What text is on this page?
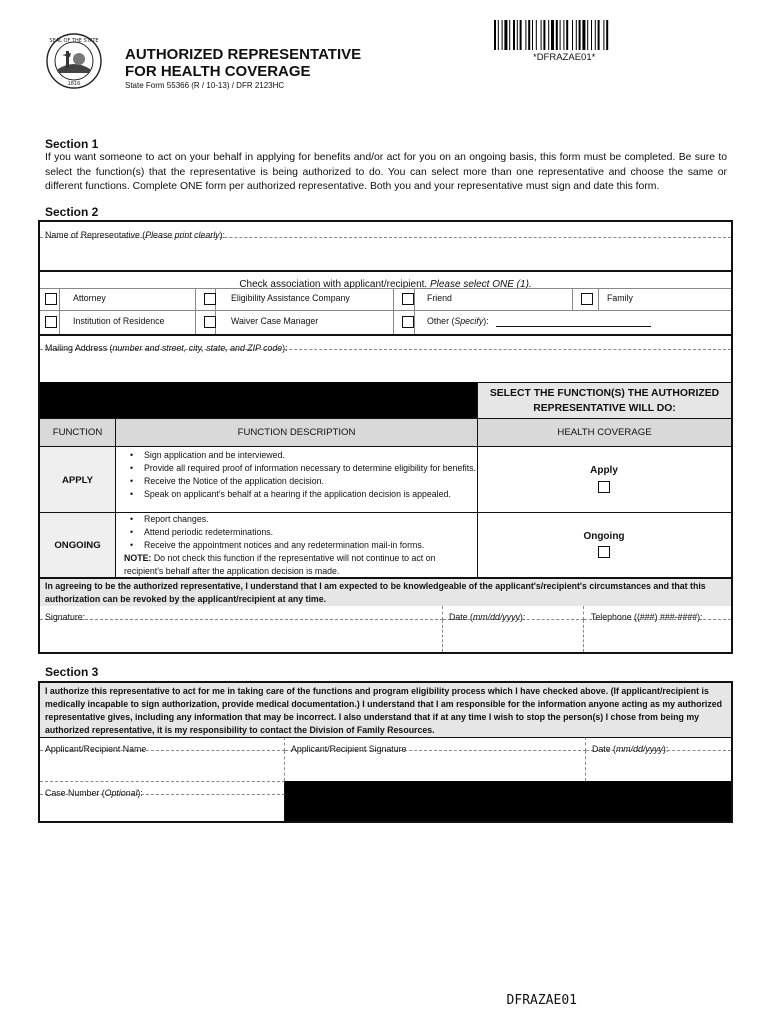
SEAL OF THE STATE
1816
AUTHORIZED REPRESENTATIVE
FOR HEALTH COVERAGE
State Form 55366 (R / 10-13) / DFR 2123HC
*DFRAZAE01*
Section 1
If you want someone to act on your behalf in applying for benefits and/or act for you on an ongoing basis, this form must be completed. Be sure to select the function(s) that the representative is being authorized to do. You can select more than one representative and choose the same or different functions. Complete ONE form per authorized representative. Both you and your representative must sign and date this form.
Section 2
Name of Representative (Please print clearly):
Check association with applicant/recipient. Please select ONE (1).
Attorney	Eligibility Assistance Company	Friend	Family
Institution of Residence	Waiver Case Manager	Other (Specify):
Mailing Address (number and street, city, state, and ZIP code):
SELECT THE FUNCTION(S) THE AUTHORIZED REPRESENTATIVE WILL DO:
FUNCTION	FUNCTION DESCRIPTION	HEALTH COVERAGE
APPLY
• Sign application and be interviewed.
• Provide all required proof of information necessary to determine eligibility for benefits.
• Receive the Notice of the application decision.
• Speak on applicant's behalf at a hearing if the application decision is appealed.
Apply
ONGOING
• Report changes.
• Attend periodic redeterminations.
• Receive the appointment notices and any redetermination mail-in forms.
NOTE: Do not check this function if the representative will not continue to act on recipient's behalf after the application decision is made.
Ongoing
In agreeing to be the authorized representative, I understand that I am expected to be knowledgeable of the applicant's/recipient's circumstances and that this authorization can be revoked by the applicant/recipient at any time.
Signature:	Date (mm/dd/yyyy):	Telephone ((###) ###-####):
Section 3
I authorize this representative to act for me in taking care of the functions and program eligibility process which I have checked above. (If applicant/recipient is medically incapable to sign authorization, provide medical documentation.) I understand that I am responsible for the information anyone acting as my authorized representative gives, including any information that may be incorrect. I also understand that if at any time I wish to stop the person(s) I chose from being my authorized representative, it is my responsibility to contact the Division of Family Resources.
Applicant/Recipient Name	Applicant/Recipient Signature	Date (mm/dd/yyyy):
Case Number (Optional):
DFRAZAE01
